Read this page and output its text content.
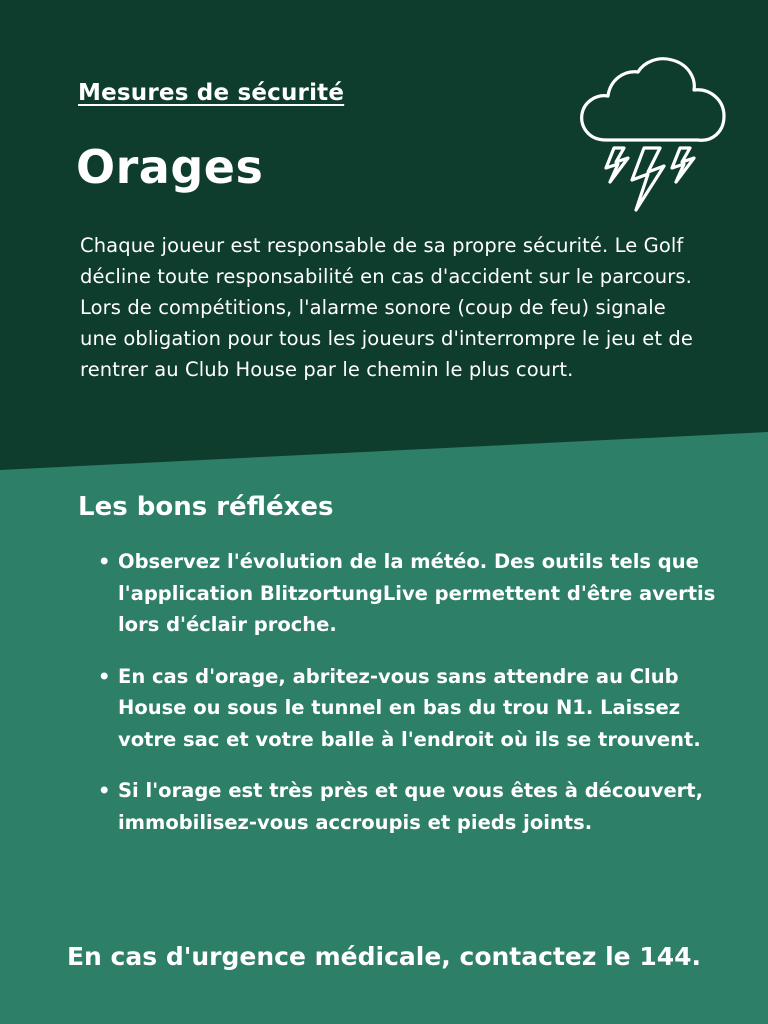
Mesures de sécurité
Orages
Chaque joueur est responsable de sa propre sécurité. Le Golf décline toute responsabilité en cas d'accident sur le parcours. Lors de compétitions, l'alarme sonore (coup de feu) signale une obligation pour tous les joueurs d'interrompre le jeu et de rentrer au Club House par le chemin le plus court.
Les bons réfléxes
• Observez l'évolution de la météo. Des outils tels que l'application BlitzortungLive permettent d'être avertis lors d'éclair proche.
• En cas d'orage, abritez-vous sans attendre au Club House ou sous le tunnel en bas du trou N1. Laissez votre sac et votre balle à l'endroit où ils se trouvent.
• Si l'orage est très près et que vous êtes à découvert, immobilisez-vous accroupis et pieds joints.
En cas d'urgence médicale, contactez le 144.
